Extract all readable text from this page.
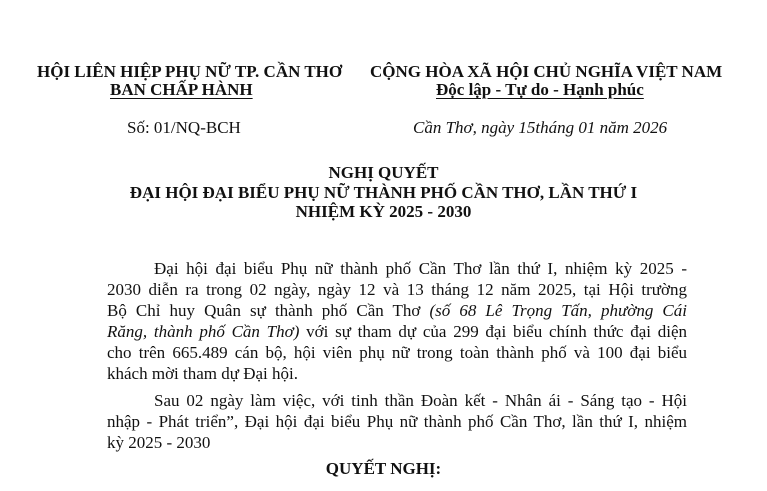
HỘI LIÊN HIỆP PHỤ NỮ TP. CẦN THƠ
BAN CHẤP HÀNH
Số: 01/NQ-BCH
CỘNG HÒA XÃ HỘI CHỦ NGHĨA VIỆT NAM
Độc lập - Tự do - Hạnh phúc
Cần Thơ, ngày 15tháng 01 năm 2026
NGHỊ QUYẾT
ĐẠI HỘI ĐẠI BIỂU PHỤ NỮ THÀNH PHỐ CẦN THƠ, LẦN THỨ I
NHIỆM KỲ 2025 - 2030
Đại hội đại biểu Phụ nữ thành phố Cần Thơ lần thứ I, nhiệm kỳ 2025 -
2030 diễn ra trong 02 ngày, ngày 12 và 13 tháng 12 năm 2025, tại Hội trường
Bộ Chỉ huy Quân sự thành phố Cần Thơ (số 68 Lê Trọng Tấn, phường Cái
Răng, thành phố Cần Thơ) với sự tham dự của 299 đại biểu chính thức đại diện
cho trên 665.489 cán bộ, hội viên phụ nữ trong toàn thành phố và 100 đại biểu
khách mời tham dự Đại hội.
Sau 02 ngày làm việc, với tinh thần Đoàn kết - Nhân ái - Sáng tạo - Hội
nhập - Phát triển”, Đại hội đại biểu Phụ nữ thành phố Cần Thơ, lần thứ I, nhiệm
kỳ 2025 - 2030
QUYẾT NGHỊ:
